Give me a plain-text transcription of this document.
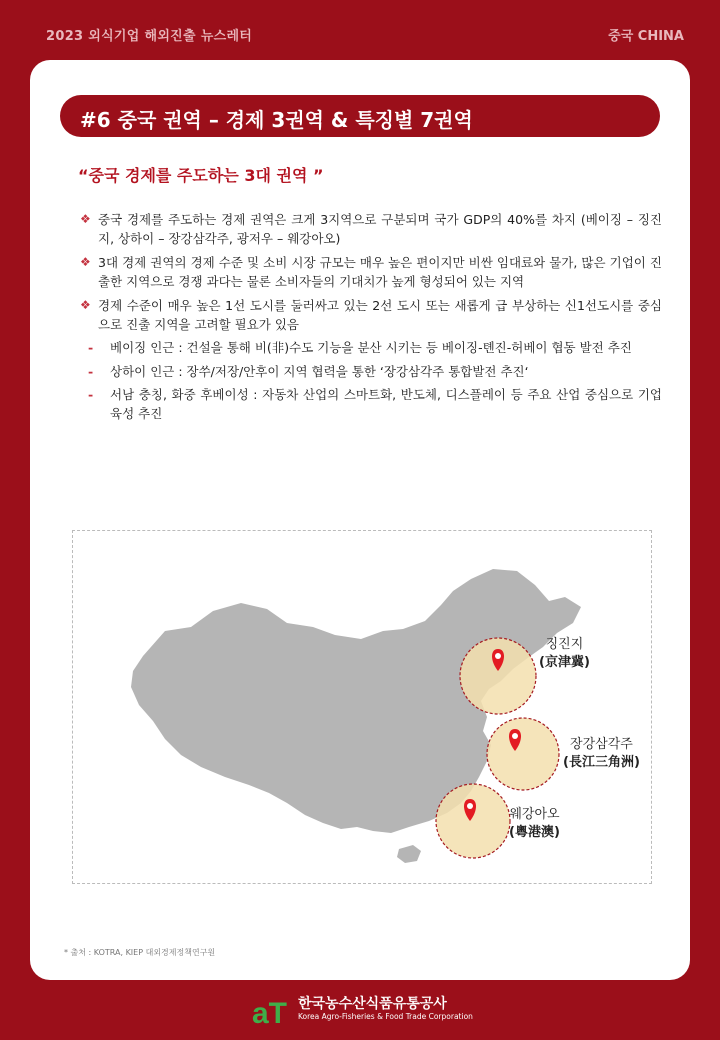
2023 외식기업 해외진출 뉴스레터	중국 CHINA
#6 중국 권역 – 경제 3권역 & 특징별 7권역
“중국 경제를 주도하는 3대 권역 ”
❖ 중국 경제를 주도하는 경제 권역은 크게 3지역으로 구분되며 국가 GDP의 40%를 차지 (베이징 – 징진지, 상하이 – 장강삼각주, 광저우 – 웨강아오)
❖ 3대 경제 권역의 경제 수준 및 소비 시장 규모는 매우 높은 편이지만 비싼 임대료와 물가, 많은 기업이 진출한 지역으로 경쟁 과다는 물론 소비자들의 기대치가 높게 형성되어 있는 지역
❖ 경제 수준이 매우 높은 1선 도시를 둘러싸고 있는 2선 도시 또는 새롭게 급 부상하는 신1선도시를 중심으로 진출 지역을 고려할 필요가 있음
- 베이징 인근 : 건설을 통해 비(非)수도 기능을 분산 시키는 등 베이징-톈진-허베이 협동 발전 추진
- 상하이 인근 : 장쑤/저장/안후이 지역 협력을 통한 ‘장강삼각주 통합발전 추진‘
- 서남 충칭, 화중 후베이성 : 자동차 산업의 스마트화, 반도체, 디스플레이 등 주요 산업 중심으로 기업 육성 추진
징진지
(京津冀)
장강삼각주
(長江三角洲)
웨강아오
(粵港澳)
* 출처 : KOTRA, KIEP 대외경제정책연구원
aT 한국농수산식품유통공사
Korea Agro-Fisheries & Food Trade Corporation
